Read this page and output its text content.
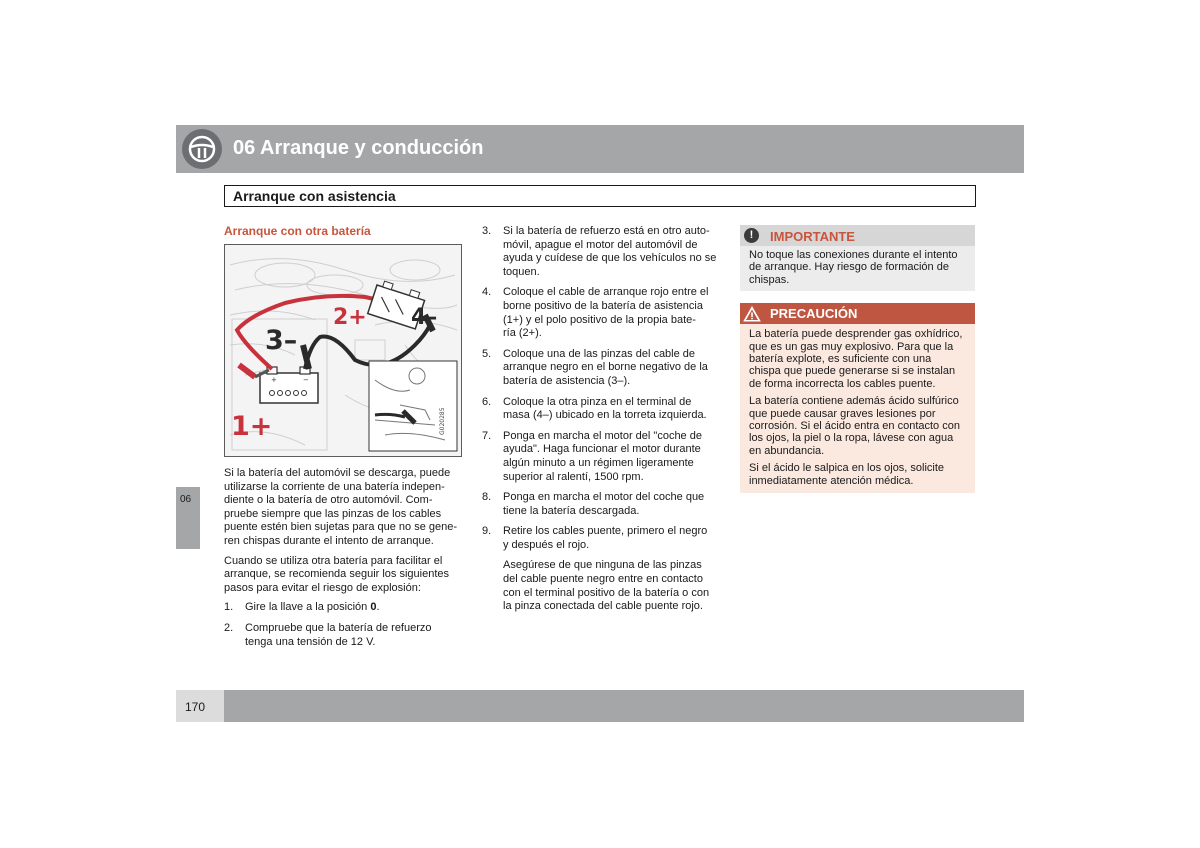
06 Arranque y conducción
Arranque con asistencia
06
Arranque con otra batería
+	−
G020285
1+
2+
3–
4–

Si la batería del automóvil se descarga, puede
utilizarse la corriente de una batería indepen-
diente o la batería de otro automóvil. Com-
pruebe siempre que las pinzas de los cables
puente estén bien sujetas para que no se gene-
ren chispas durante el intento de arranque.

Cuando se utiliza otra batería para facilitar el
arranque, se recomienda seguir los siguientes
pasos para evitar el riesgo de explosión:

1. Gire la llave a la posición 0.
2. Compruebe que la batería de refuerzo
tenga una tensión de 12 V.
3. Si la batería de refuerzo está en otro auto-
móvil, apague el motor del automóvil de
ayuda y cuídese de que los vehículos no se
toquen.
4. Coloque el cable de arranque rojo entre el
borne positivo de la batería de asistencia
(1+) y el polo positivo de la propia bate-
ría (2+).
5. Coloque una de las pinzas del cable de
arranque negro en el borne negativo de la
batería de asistencia (3–).
6. Coloque la otra pinza en el terminal de
masa (4–) ubicado en la torreta izquierda.
7. Ponga en marcha el motor del "coche de
ayuda". Haga funcionar el motor durante
algún minuto a un régimen ligeramente
superior al ralentí, 1500 rpm.
8. Ponga en marcha el motor del coche que
tiene la batería descargada.
9. Retire los cables puente, primero el negro
y después el rojo.

Asegúrese de que ninguna de las pinzas
del cable puente negro entre en contacto
con el terminal positivo de la batería o con
la pinza conectada del cable puente rojo.

!	IMPORTANTE
No toque las conexiones durante el intento
de arranque. Hay riesgo de formación de
chispas.
PRECAUCIÓN

La batería puede desprender gas oxhídrico,
que es un gas muy explosivo. Para que la
batería explote, es suficiente con una
chispa que puede generarse si se instalan
de forma incorrecta los cables puente.

La batería contiene además ácido sulfúrico
que puede causar graves lesiones por
corrosión. Si el ácido entra en contacto con
los ojos, la piel o la ropa, lávese con agua
en abundancia.

Si el ácido le salpica en los ojos, solicite
inmediatamente atención médica.

170
